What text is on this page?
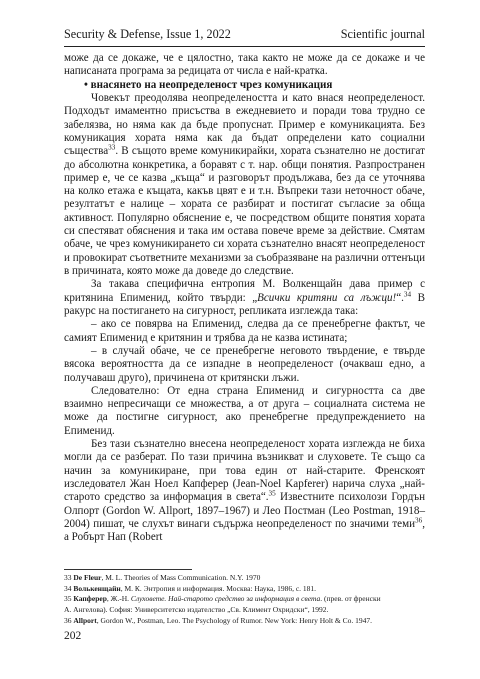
Security & Defense, Issue 1, 2022	Scientific journal

може да се докаже, че е цялостно, така както не може да се докаже и че написаната програма за редицата от числа е най-кратка.

• внасянето на неопределеност чрез комуникация

Човекът преодолява неопределеността и като внася неопределеност. Подходът имаментно присъства в ежедневието и поради това трудно се забелязва, но няма как да бъде пропуснат. Пример е комуникацията. Без комуникация хората няма как да бъдат определени като социални същества$^{33}$. В същото време комуникирайки, хората съзнателно не достигат до абсолютна конкретика, а боравят с т. нар. общи понятия. Разпространен пример е, че се казва „къща“ и разговорът продължава, без да се уточнява на колко етажа е къщата, какъв цвят е и т.н. Въпреки тази неточност обаче, резултатът е налице – хората се разбират и постигат съгласие за обща активност. Популярно обяснение е, че посредством общите понятия хората си спестяват обяснения и така им остава повече време за действие. Смятам обаче, че чрез комуникирането си хората съзнателно внасят неопределеност и провокират съответните механизми за съобразяване на различни оттенъци в причината, която може да доведе до следствие.

За такава специфична ентропия М. Волкенщайн дава пример с критянина Епименид, който твърди: „Всички критяни са лъжци!“.$^{34}$ В ракурс на постигането на сигурност, репликата изглежда така:

– ако се повярва на Епименид, следва да се пренебрегне фактът, че самият Епименид е критянин и трябва да не казва истината;

– в случай обаче, че се пренебрегне неговото твърдение, е твърде вясока вероятността да се изпадне в неопределеност (очакваш едно, а получаваш друго), причинена от критянски лъжи.

Следователно: От една страна Епименид и сигурността са две взаимно непресичащи се множества, а от друга – социалната система не може да постигне сигурност, ако пренебрегне предупреждението на Епименид.

Без тази съзнателно внесена неопределеност хората изглежда не биха могли да се разберат. По тази причина възникват и слуховете. Те също са начин за комуникиране, при това един от най-старите. Френскоят изследовател Жан Ноел Капферер (Jean-Noel Kapferer) нарича слуха „най-старото средство за информация в света“.$^{35}$ Известните психолози Гордън Олпорт (Gordon W. Allport, 1897–1967) и Лео Постман (Leo Postman, 1918–2004) пишат, че слухът винаги съдържа неопределеност по значими теми$^{36}$, а Робърт Нап (Robert

33 De Fleur, M. L. Theories of Mass Communication. N.Y. 1970

34 Волькенщайн, М. К. Энтропия и информация. Москва: Наука, 1986, с. 181.

35 Капферер, Ж.-Н. Слуховете. Най-старото средство за информация в света. (прев. от френски

А. Ангелова). София: Университетско издателство „Св. Климент Охридски“, 1992.

36 Allport, Gordon W., Postman, Leo. The Psychology of Rumor. New York: Henry Holt & Co. 1947.

202
